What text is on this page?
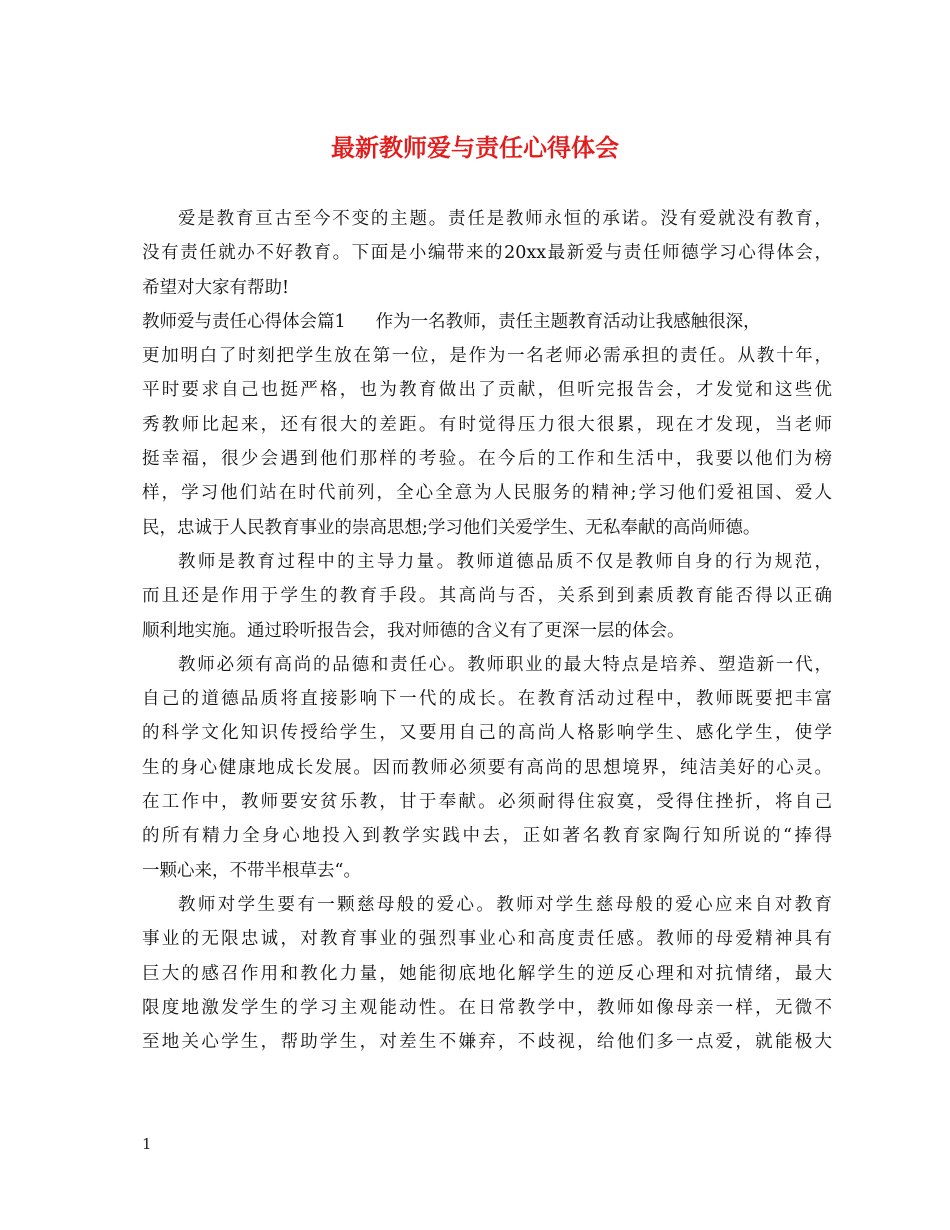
最新教师爱与责任心得体会
爱是教育亘古至今不变的主题。责任是教师永恒的承诺。没有爱就没有教育，
没有责任就办不好教育。下面是小编带来的20xx最新爱与责任师德学习心得体会，
希望对大家有帮助!
教师爱与责任心得体会篇1 作为一名教师，责任主题教育活动让我感触很深，
更加明白了时刻把学生放在第一位，是作为一名老师必需承担的责任。从教十年，
平时要求自己也挺严格，也为教育做出了贡献，但听完报告会，才发觉和这些优
秀教师比起来，还有很大的差距。有时觉得压力很大很累，现在才发现，当老师
挺幸福，很少会遇到他们那样的考验。在今后的工作和生活中，我要以他们为榜
样，学习他们站在时代前列，全心全意为人民服务的精神;学习他们爱祖国、爱人
民，忠诚于人民教育事业的崇高思想;学习他们关爱学生、无私奉献的高尚师德。
教师是教育过程中的主导力量。教师道德品质不仅是教师自身的行为规范，
而且还是作用于学生的教育手段。其高尚与否，关系到到素质教育能否得以正确
顺利地实施。通过聆听报告会，我对师德的含义有了更深一层的体会。
教师必须有高尚的品德和责任心。教师职业的最大特点是培养、塑造新一代，
自己的道德品质将直接影响下一代的成长。在教育活动过程中，教师既要把丰富
的科学文化知识传授给学生，又要用自己的高尚人格影响学生、感化学生，使学
生的身心健康地成长发展。因而教师必须要有高尚的思想境界，纯洁美好的心灵。
在工作中，教师要安贫乐教，甘于奉献。必须耐得住寂寞，受得住挫折，将自己
的所有精力全身心地投入到教学实践中去，正如著名教育家陶行知所说的“捧得
一颗心来，不带半根草去“。
教师对学生要有一颗慈母般的爱心。教师对学生慈母般的爱心应来自对教育
事业的无限忠诚，对教育事业的强烈事业心和高度责任感。教师的母爱精神具有
巨大的感召作用和教化力量，她能彻底地化解学生的逆反心理和对抗情绪，最大
限度地激发学生的学习主观能动性。在日常教学中，教师如像母亲一样，无微不
至地关心学生，帮助学生，对差生不嫌弃，不歧视，给他们多一点爱，就能极大
1
